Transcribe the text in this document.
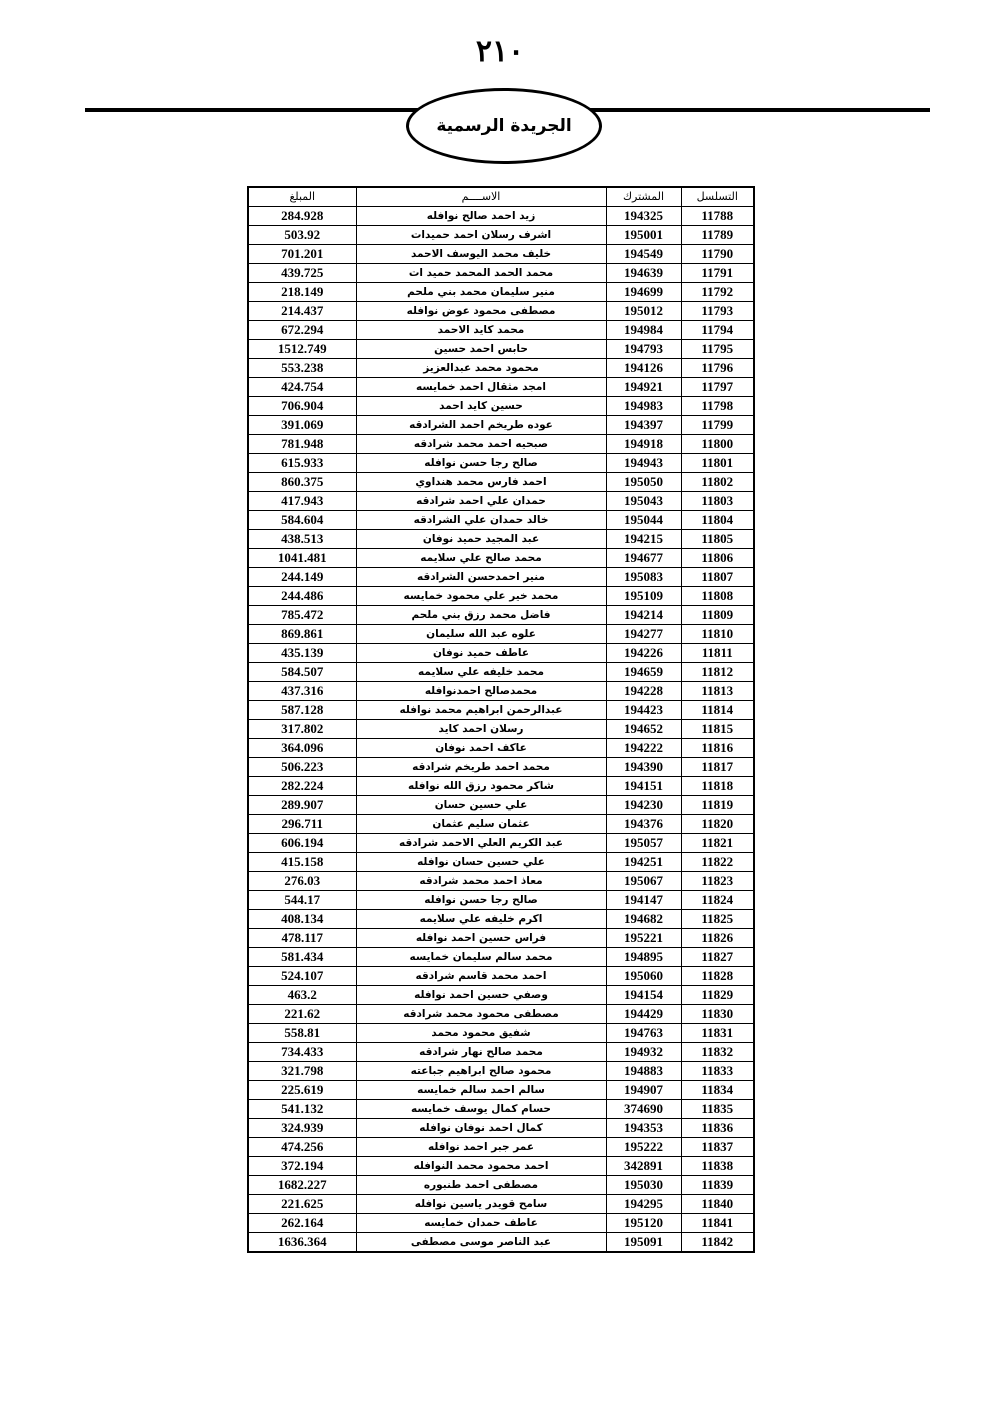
٢١٠
الجريدة الرسمية
المبلغ	الاســــم	المشترك	التسلسل
284.928	زيد احمد صالح نوافله	194325	11788
503.92	اشرف رسلان احمد حميدات	195001	11789
701.201	خليف محمد اليوسف الاحمد	194549	11790
439.725	محمد الحمد المحمد حميد ات	194639	11791
218.149	منير سليمان محمد بني ملحم	194699	11792
214.437	مصطفى محمود عوض نوافله	195012	11793
672.294	محمد كايد الاحمد	194984	11794
1512.749	حابس احمد حسين	194793	11795
553.238	محمود محمد عبدالعزيز	194126	11796
424.754	امجد مثقال احمد خمايسه	194921	11797
706.904	حسين كايد احمد	194983	11798
391.069	عوده طريخم احمد الشرادقه	194397	11799
781.948	صبحيه احمد محمد شرادقه	194918	11800
615.933	صالح رجا حسن نوافله	194943	11801
860.375	احمد فارس محمد هنداوي	195050	11802
417.943	حمدان علي احمد شرادقه	195043	11803
584.604	خالد حمدان علي الشرادقه	195044	11804
438.513	عبد المجيد حميد نوفان	194215	11805
1041.481	محمد صالح علي سلايمه	194677	11806
244.149	منير احمدحسن الشرادقه	195083	11807
244.486	محمد خير علي محمود خمايسه	195109	11808
785.472	فاضل محمد رزق بني ملحم	194214	11809
869.861	علوه عبد الله سليمان	194277	11810
435.139	عاطف حميد نوفان	194226	11811
584.507	محمد خليفه علي سلايمه	194659	11812
437.316	محمدصالح احمدنوافله	194228	11813
587.128	عبدالرحمن ابراهيم محمد نوافله	194423	11814
317.802	رسلان احمد كايد	194652	11815
364.096	عاكف احمد نوفان	194222	11816
506.223	محمد احمد طريخم شرادقه	194390	11817
282.224	شاكر محمود رزق الله نوافله	194151	11818
289.907	علي حسين حسان	194230	11819
296.711	عثمان سليم عثمان	194376	11820
606.194	عبد الكريم العلي الاحمد شرادقه	195057	11821
415.158	علي حسين حسان نوافله	194251	11822
276.03	معاذ احمد محمد شرادقه	195067	11823
544.17	صالح رجا حسن نوافله	194147	11824
408.134	اكرم خليفه علي سلايمه	194682	11825
478.117	فراس حسين احمد نوافله	195221	11826
581.434	محمد سالم سليمان خمايسه	194895	11827
524.107	احمد محمد قاسم شرادقه	195060	11828
463.2	وصفي حسين احمد نوافله	194154	11829
221.62	مصطفى محمود محمد شرادقه	194429	11830
558.81	شفيق محمود محمد	194763	11831
734.433	محمد صالح نهار شرادقه	194932	11832
321.798	محمود صالح ابراهيم جباعته	194883	11833
225.619	سالم احمد سالم خمايسه	194907	11834
541.132	حسام كمال يوسف خمايسه	374690	11835
324.939	كمال احمد نوفان نوافله	194353	11836
474.256	عمر جبر احمد نوافله	195222	11837
372.194	احمد محمود محمد النوافله	342891	11838
1682.227	مصطفى احمد طنبوره	195030	11839
221.625	سامح قويدر ياسين نوافله	194295	11840
262.164	عاطف حمدان خمايسه	195120	11841
1636.364	عبد الناصر موسى مصطفى	195091	11842
